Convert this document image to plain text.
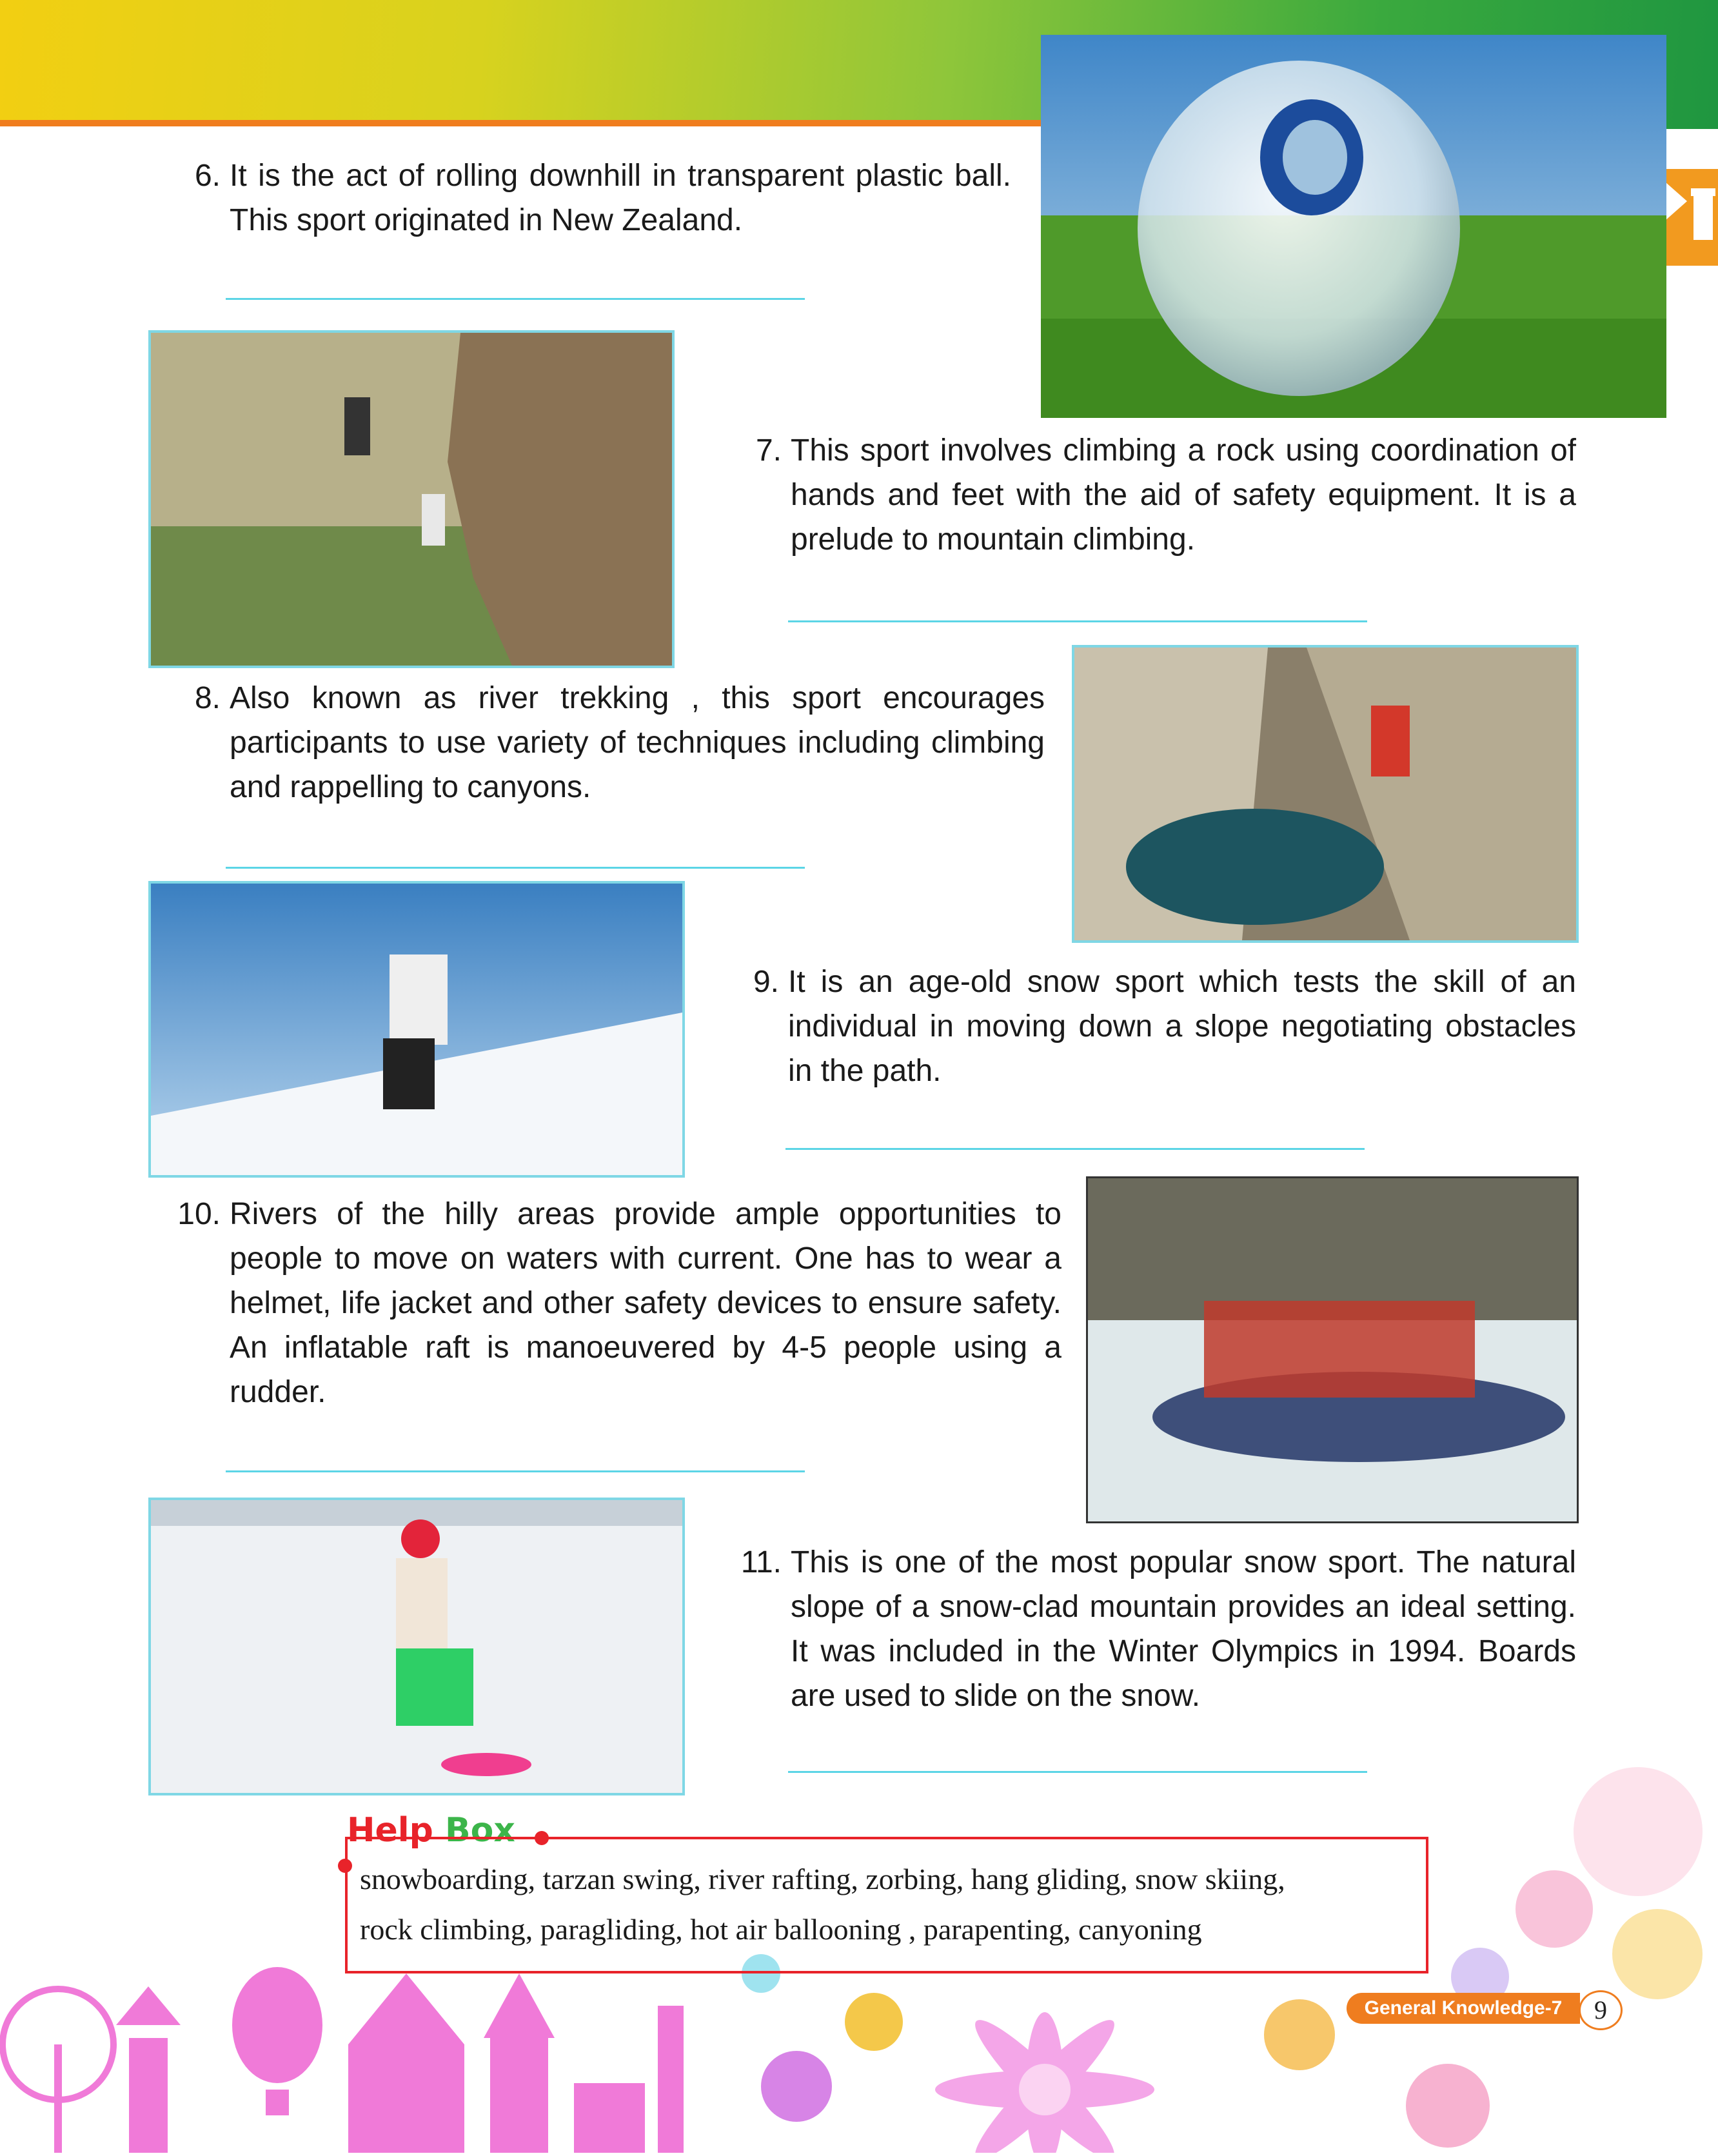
6. It is the act of rolling downhill in transparent plastic ball. This sport originated in New Zealand.
7. This sport involves climbing a rock using coordination of hands and feet with the aid of safety equipment. It is a prelude to mountain climbing.
8. Also known as river trekking , this sport encourages participants to use variety of techniques including climbing and rappelling to canyons.
9. It is an age-old snow sport which tests the skill of an individual in moving down a slope negotiating obstacles in the path.
10. Rivers of the hilly areas provide ample opportunities to people to move on waters with current. One has to wear a helmet, life jacket and other safety devices to ensure safety. An inflatable raft is manoeuvered by 4-5 people using a rudder.
11. This is one of the most popular snow sport. The natural slope of a snow-clad mountain provides an ideal setting. It was included in the Winter Olympics in 1994. Boards are used to slide on the snow.
Help Box
snowboarding, tarzan swing, river rafting, zorbing, hang gliding, snow skiing,
rock climbing, paragliding, hot air ballooning , parapenting, canyoning
General Knowledge-7	9
